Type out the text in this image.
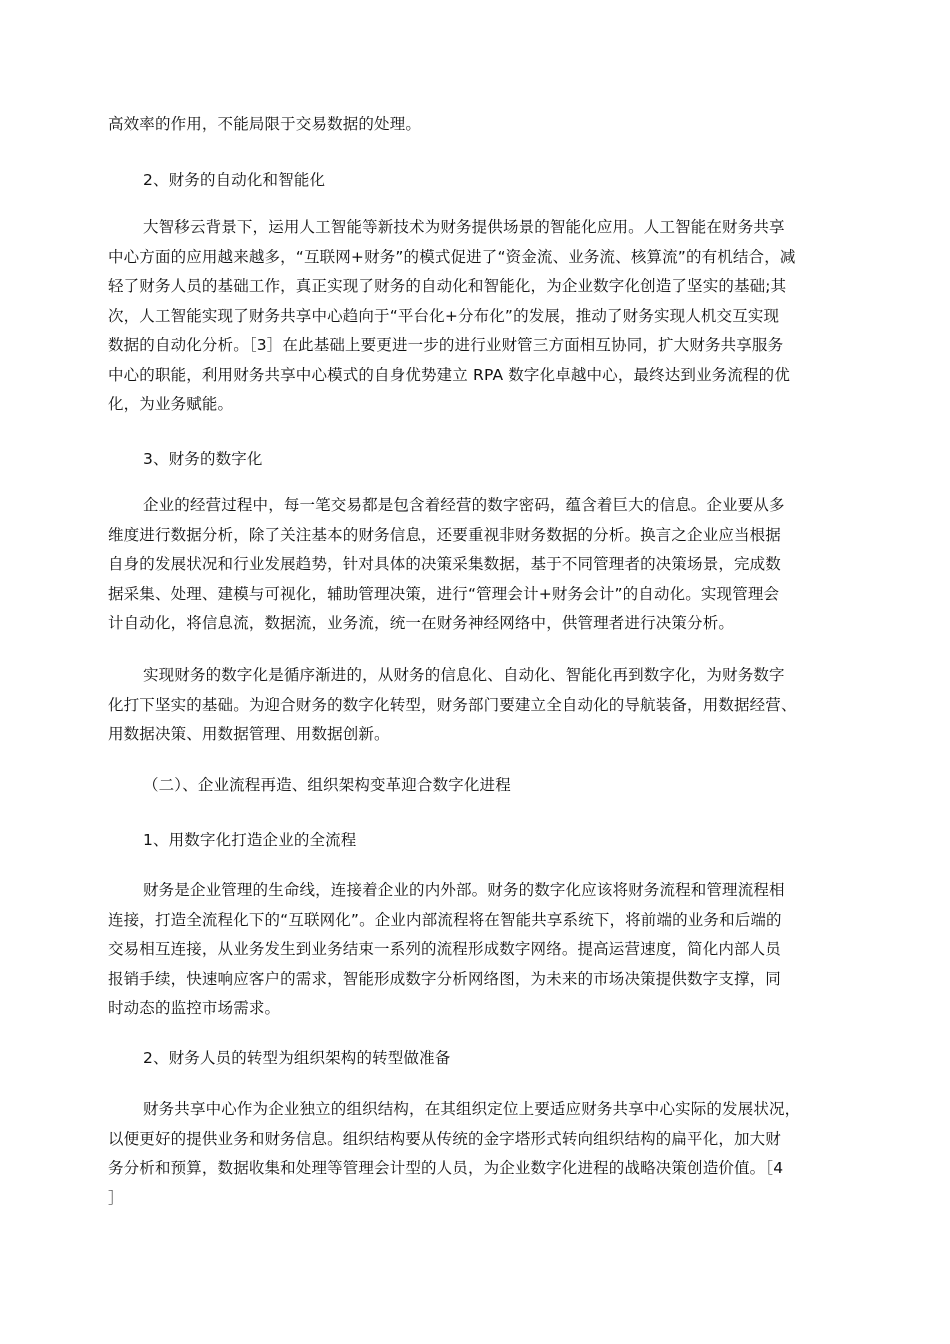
高效率的作用，不能局限于交易数据的处理。
2、财务的自动化和智能化
大智移云背景下，运用人工智能等新技术为财务提供场景的智能化应用。人工智能在财务共享
中心方面的应用越来越多，“互联网+财务”的模式促进了“资金流、业务流、核算流”的有机结合，减
轻了财务人员的基础工作，真正实现了财务的自动化和智能化，为企业数字化创造了坚实的基础;其
次，人工智能实现了财务共享中心趋向于“平台化+分布化”的发展，推动了财务实现人机交互实现
数据的自动化分析。［3］在此基础上要更进一步的进行业财管三方面相互协同，扩大财务共享服务
中心的职能，利用财务共享中心模式的自身优势建立 RPA 数字化卓越中心，最终达到业务流程的优
化，为业务赋能。
3、财务的数字化
企业的经营过程中，每一笔交易都是包含着经营的数字密码，蕴含着巨大的信息。企业要从多
维度进行数据分析，除了关注基本的财务信息，还要重视非财务数据的分析。换言之企业应当根据
自身的发展状况和行业发展趋势，针对具体的决策采集数据，基于不同管理者的决策场景，完成数
据采集、处理、建模与可视化，辅助管理决策，进行“管理会计+财务会计”的自动化。实现管理会
计自动化，将信息流，数据流，业务流，统一在财务神经网络中，供管理者进行决策分析。
实现财务的数字化是循序渐进的，从财务的信息化、自动化、智能化再到数字化，为财务数字
化打下坚实的基础。为迎合财务的数字化转型，财务部门要建立全自动化的导航装备，用数据经营、
用数据决策、用数据管理、用数据创新。
（二）、企业流程再造、组织架构变革迎合数字化进程
1、用数字化打造企业的全流程
财务是企业管理的生命线，连接着企业的内外部。财务的数字化应该将财务流程和管理流程相
连接，打造全流程化下的“互联网化”。企业内部流程将在智能共享系统下，将前端的业务和后端的
交易相互连接，从业务发生到业务结束一系列的流程形成数字网络。提高运营速度，简化内部人员
报销手续，快速响应客户的需求，智能形成数字分析网络图，为未来的市场决策提供数字支撑，同
时动态的监控市场需求。
2、财务人员的转型为组织架构的转型做准备
财务共享中心作为企业独立的组织结构，在其组织定位上要适应财务共享中心实际的发展状况，
以便更好的提供业务和财务信息。组织结构要从传统的金字塔形式转向组织结构的扁平化，加大财
务分析和预算，数据收集和处理等管理会计型的人员，为企业数字化进程的战略决策创造价值。［4
］
